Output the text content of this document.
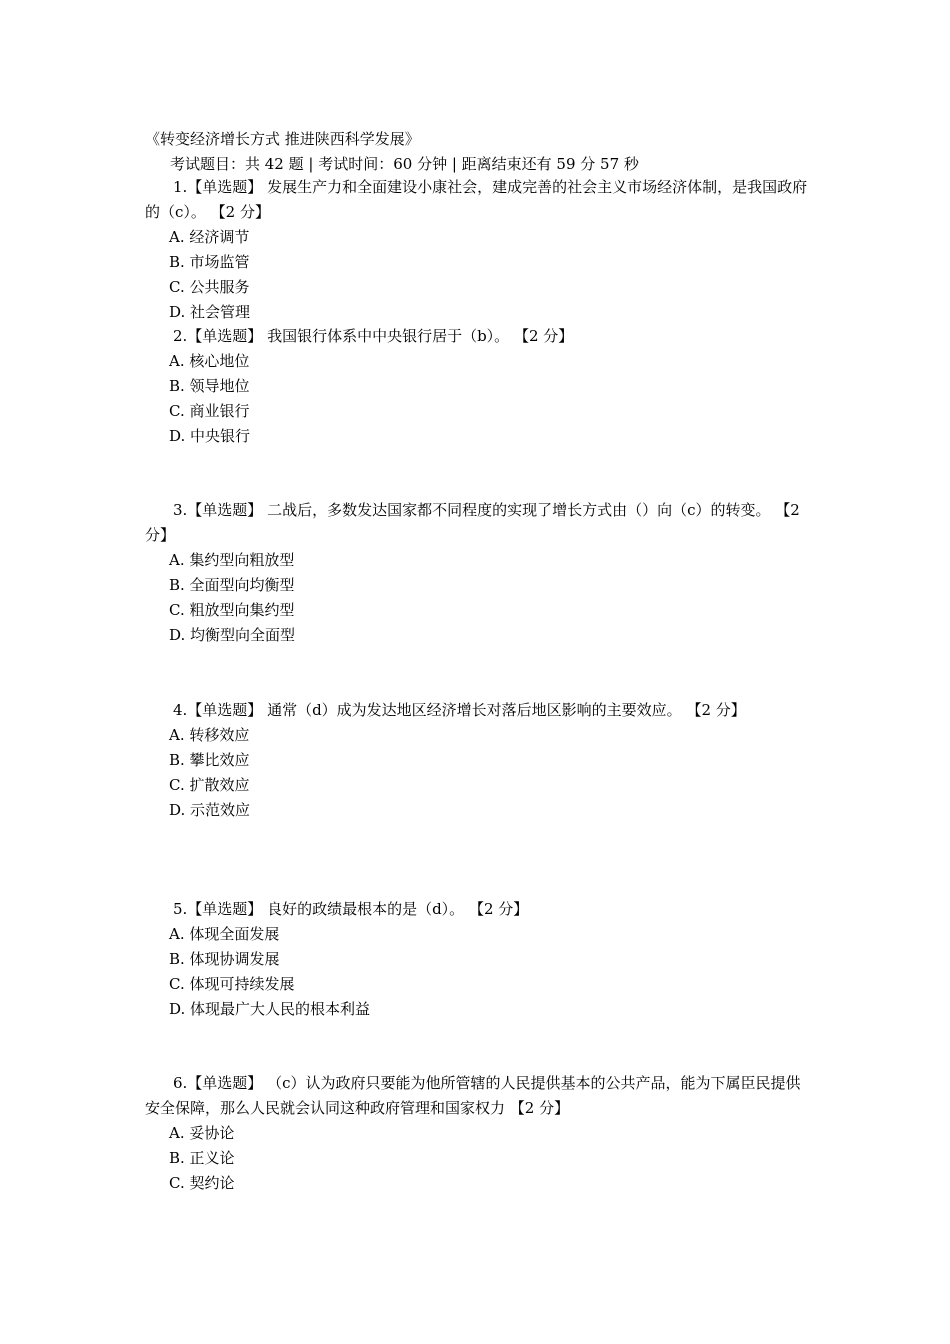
《转变经济增长方式 推进陕西科学发展》
考试题目：共 42 题 | 考试时间：60 分钟 | 距离结束还有 59 分 57 秒

1.【单选题】 发展生产力和全面建设小康社会，建成完善的社会主义市场经济体制，是我国政府的（c）。 【2 分】

A. 经济调节

B. 市场监管

C. 公共服务

D. 社会管理

2.【单选题】 我国银行体系中中央银行居于（b）。 【2 分】

A. 核心地位

B. 领导地位

C. 商业银行

D. 中央银行

3.【单选题】 二战后，多数发达国家都不同程度的实现了增长方式由（）向（c）的转变。 【2 分】

A. 集约型向粗放型

B. 全面型向均衡型

C. 粗放型向集约型

D. 均衡型向全面型

4.【单选题】 通常（d）成为发达地区经济增长对落后地区影响的主要效应。 【2 分】

A. 转移效应

B. 攀比效应

C. 扩散效应

D. 示范效应

5.【单选题】 良好的政绩最根本的是（d）。 【2 分】

A. 体现全面发展

B. 体现协调发展

C. 体现可持续发展

D. 体现最广大人民的根本利益

6.【单选题】 （c）认为政府只要能为他所管辖的人民提供基本的公共产品，能为下属臣民提供安全保障，那么人民就会认同这种政府管理和国家权力 【2 分】

A. 妥协论

B. 正义论

C. 契约论
